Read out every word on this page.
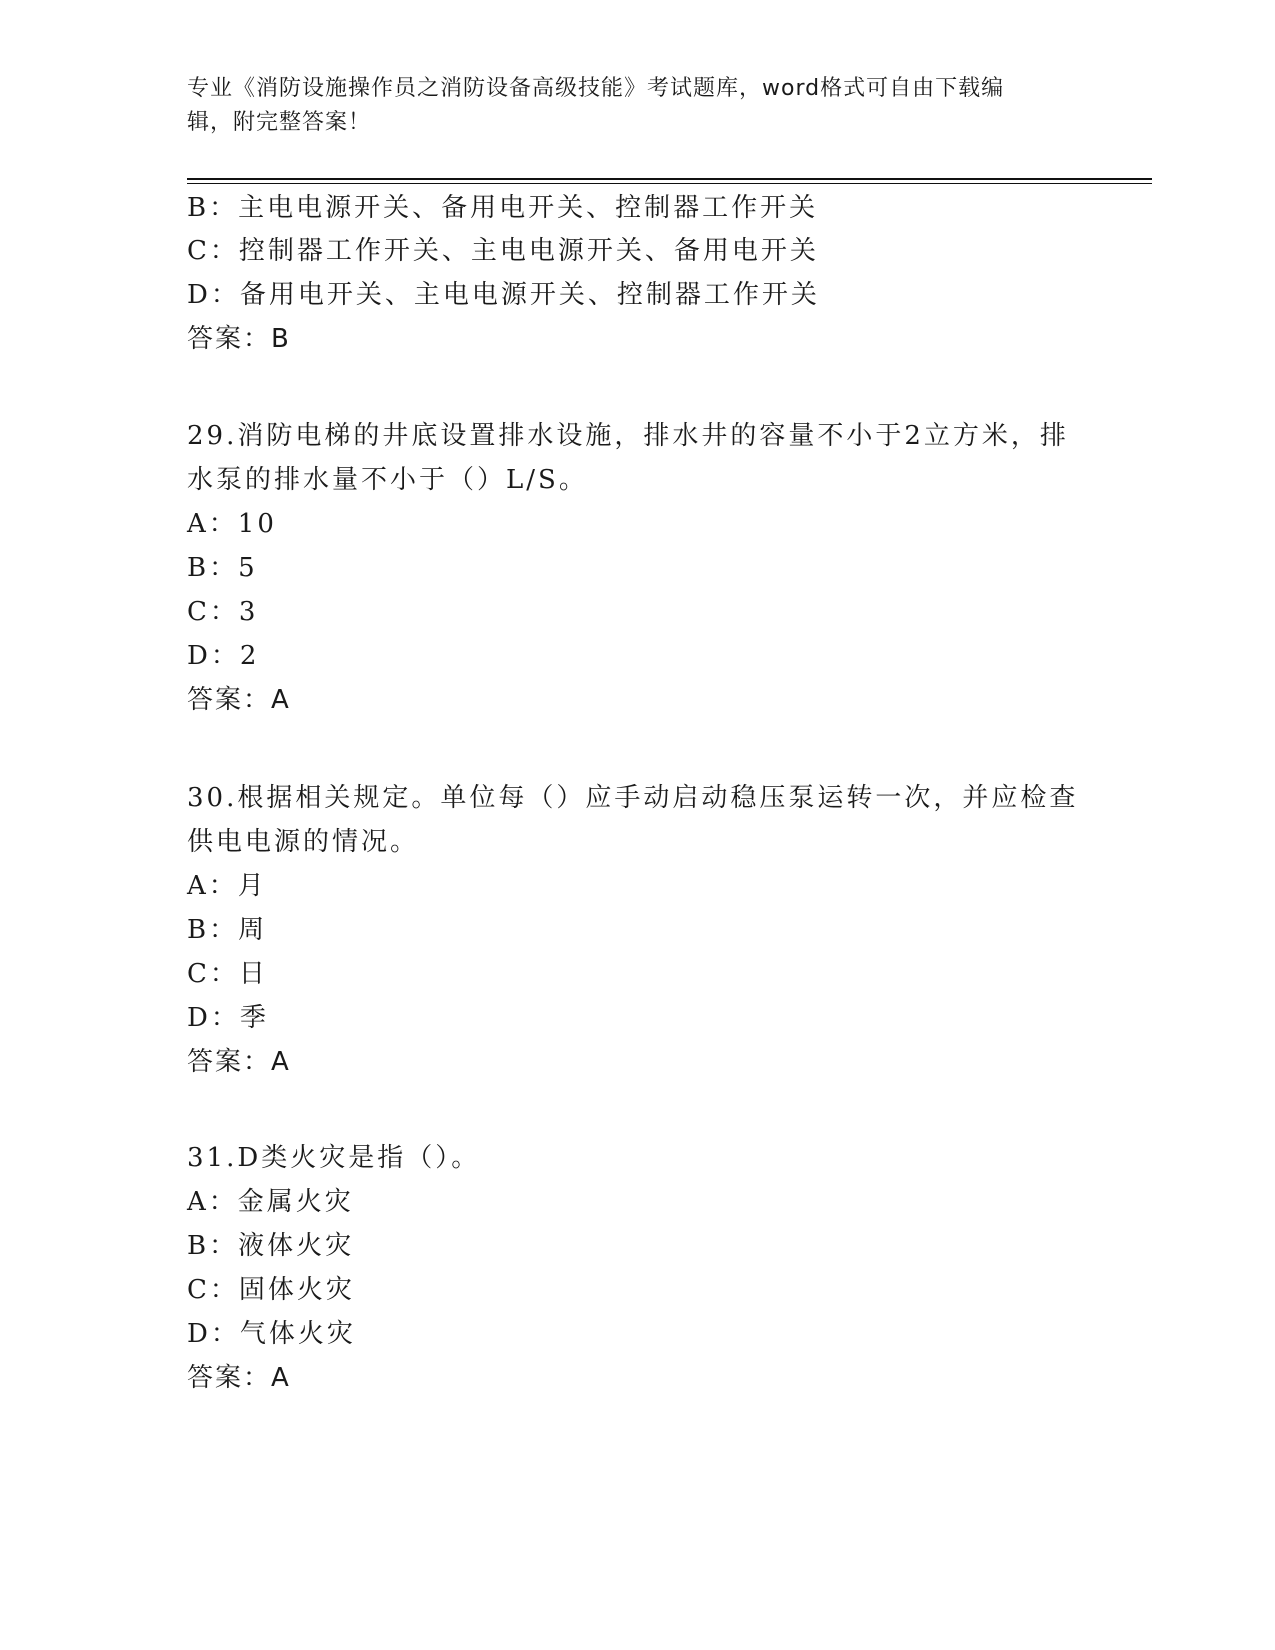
专业《消防设施操作员之消防设备高级技能》考试题库，word格式可自由下载编
辑，附完整答案！
B：主电电源开关、备用电开关、控制器工作开关
C：控制器工作开关、主电电源开关、备用电开关
D：备用电开关、主电电源开关、控制器工作开关
答案：B
29.消防电梯的井底设置排水设施，排水井的容量不小于2立方米，排
水泵的排水量不小于（）L/S。
A：10
B：5
C：3
D：2
答案：A
30.根据相关规定。单位每（）应手动启动稳压泵运转一次，并应检查
供电电源的情况。
A：月
B：周
C：日
D：季
答案：A
31.D类火灾是指（）。
A：金属火灾
B：液体火灾
C：固体火灾
D：气体火灾
答案：A
